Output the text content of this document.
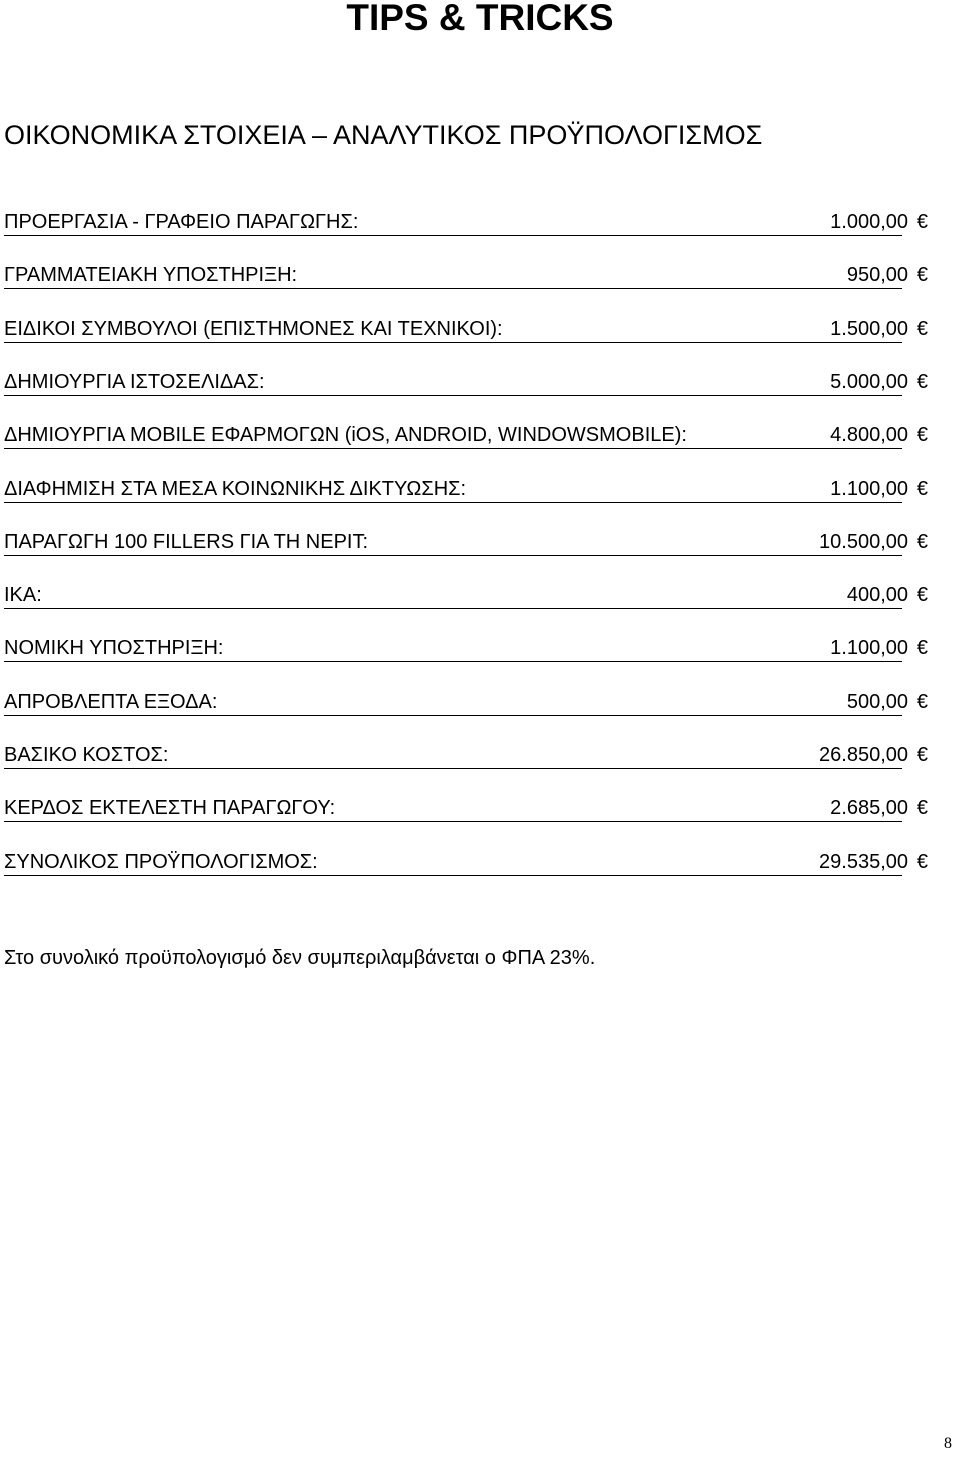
TIPS & TRICKS
ΟΙΚΟΝΟΜΙΚΑ ΣΤΟΙΧΕΙΑ – ΑΝΑΛΥΤΙΚΟΣ ΠΡΟΫΠΟΛΟΓΙΣΜΟΣ
ΠΡΟΕΡΓΑΣΙΑ - ΓΡΑΦΕΙΟ ΠΑΡΑΓΩΓΗΣ:	1.000,00 €
ΓΡΑΜΜΑΤΕΙΑΚΗ ΥΠΟΣΤΗΡΙΞΗ:	950,00 €
ΕΙΔΙΚΟΙ ΣΥΜΒΟΥΛΟΙ (ΕΠΙΣΤΗΜΟΝΕΣ ΚΑΙ ΤΕΧΝΙΚΟΙ):	1.500,00 €
ΔΗΜΙΟΥΡΓΙΑ ΙΣΤΟΣΕΛΙΔΑΣ:	5.000,00 €
ΔΗΜΙΟΥΡΓΙΑ MOBILE ΕΦΑΡΜΟΓΩΝ (iOS, ANDROID, WINDOWSMOBILE):	4.800,00 €
ΔΙΑΦΗΜΙΣΗ ΣΤΑ ΜΕΣΑ ΚΟΙΝΩΝΙΚΗΣ ΔΙΚΤΥΩΣΗΣ:	1.100,00 €
ΠΑΡΑΓΩΓΗ 100 FILLERS ΓΙΑ ΤΗ ΝΕΡΙΤ:	10.500,00 €
ΙΚΑ:	400,00 €
ΝΟΜΙΚΗ ΥΠΟΣΤΗΡΙΞΗ:	1.100,00 €
ΑΠΡΟΒΛΕΠΤΑ ΕΞΟΔΑ:	500,00 €
ΒΑΣΙΚΟ ΚΟΣΤΟΣ:	26.850,00 €
ΚΕΡΔΟΣ ΕΚΤΕΛΕΣΤΗ ΠΑΡΑΓΩΓΟΥ:	2.685,00 €
ΣΥΝΟΛΙΚΟΣ ΠΡΟΫΠΟΛΟΓΙΣΜΟΣ:	29.535,00 €
Στο συνολικό προϋπολογισμό δεν συμπεριλαμβάνεται ο ΦΠΑ 23%.
8
